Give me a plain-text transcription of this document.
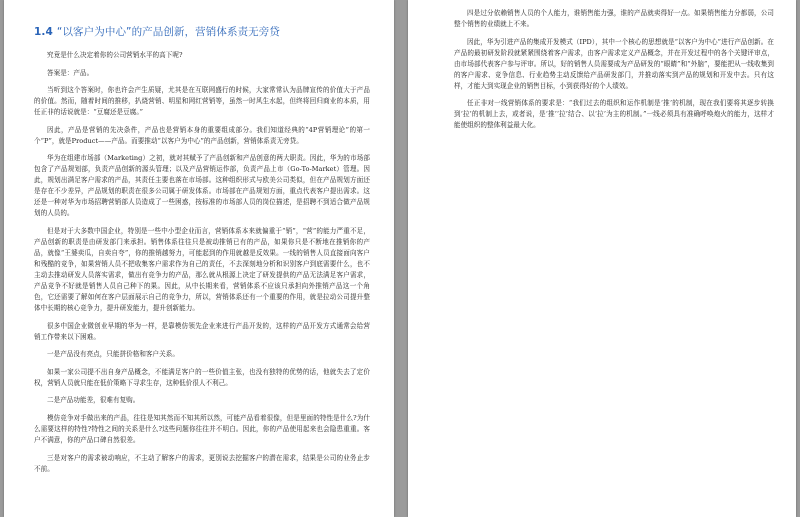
1.4 “以客户为中心”的产品创新，营销体系责无旁贷

究竟是什么决定着你的公司营销水平的高下呢?

答案是：产品。

当听到这个答案时，你也许会产生质疑，尤其是在互联网盛行的时候，大家常常认为品牌宣传的价值大于产品的价值。然而，随着时间的推移，扒烧营销、明星和网红营销等，虽然一时风生水起，但终将回归商业的本质，用任正非的话说就是：“豆腐还是豆腐。”

因此，产品是营销的先决条件，产品也是营销本身的重要组成部分。我们知道经典的“4P营销理论”的第一个“P”，就是Product——产品。而要推动“以客户为中心”的产品创新，营销体系责无旁贷。

华为在组建市场部（Marketing）之初，就对其赋予了产品创新和产品创意的两大职责。因此，华为的市场部包含了产品规划部，负责产品创新的源头管理；以及产品营销运作部，负责产品上市（Go-To-Market）管理。因此，规划出满足客户需求的产品，其责任主要也落在市场部。这种组织形式与欧美公司类似，但在产品规划方面还是存在不少差异，产品规划的职责在很多公司属于研发体系。市场部在产品规划方面，重点代表客户提出需求。这还是一种对华为市场招聘营销部人员造成了一些困惑，按标准的市场部人员的岗位描述，是招聘不到适合做产品规划的人员的。

但是对于大多数中国企业，特别是一些中小型企业而言，营销体系本来就偏重于“销”，“营”的能力严重不足，产品创新的职责是由研发部门来承担。销售体系往往只是被动推销已有的产品，如果你只是不断地在推销你的产品，就像“王婆卖瓜，自卖自夸”，你的推销越努力，可能起到的作用就越是反效果。一线的销售人员直接面向客户和残酷的竞争，如果营销人员不把收集客户需求作为自己的责任，不去深刻地分析和识别客户到底需要什么，也不主动去推动研发人员落实需求，做出有竞争力的产品，那么就从根源上决定了研发提供的产品无法满足客户需求，产品竞争不好就是销售人员自己种下的果。因此，从中长期来看，营销体系不应该只承担向外推销产品这一个角色，它还需要了解如何在客户层面展示自己的竞争力，所以，营销体系还有一个重要的作用，就是拉动公司提升整体中长期的核心竞争力，提升研发能力，提升创新能力。

很多中国企业微创业早期的华为一样，是靠模仿领先企业来进行产品开发的，这样的产品开发方式通常会给营销工作带来以下困难。

一是产品没有亮点，只能拼价格和客户关系。

如果一家公司提不出自身产品概念，不能满足客户的一些价值主张，也没有独特的优势的话，他就失去了定价权，营销人员就只能在低价策略下寻求生存，这种低价很人不利己。

二是产品功能差，很难有复购。

模仿竞争对手做出来的产品，往往是知其然而不知其所以然，可能产品看着很像，但是里面的特性是什么?为什么需要这样的特性?特性之间的关系是什么?这些问题你往往并不明白。因此，你的产品使用起来也会隐患重重。客户不满意，你的产品口碑自然很差。

三是对客户的需求被动响应，不主动了解客户的需求，更别说去挖掘客户的潜在需求，结果是公司的业务止步不前。

四是过分依赖销售人员的个人能力，谁销售能力强，谁的产品就卖得好一点。如果销售能力分都弱，公司整个销售的业绩就上不来。

因此，华为引进产品的集成开发模式（IPD），其中一个核心的思想就是“以客户为中心”进行产品创新。在产品的最初研发阶段就紧紧围绕着客户需求，由客户需求定义产品概念，并在开发过程中的各个关键评审点，由市场部代表客户参与评审。所以，好的销售人员需要成为产品研发的“眼睛”和“外脑”，要能把从一线收集到的客户需求、竞争信息、行业趋势主动反馈给产品研发部门，并推动落实到产品的规划和开发中去。只有这样，才能大到实现企业的销售目标，小到获得好的个人绩效。

任正非对一线营销体系的要求是：“我们过去的组织和运作机制是‘推’的机制，现在我们要将其逐步转换到‘拉’的机制上去，或者说，是‘推’‘拉’结合、以‘拉’为主的机制。”一线必须具有准确呼唤炮火的能力，这样才能使组织的整体利益最大化。
